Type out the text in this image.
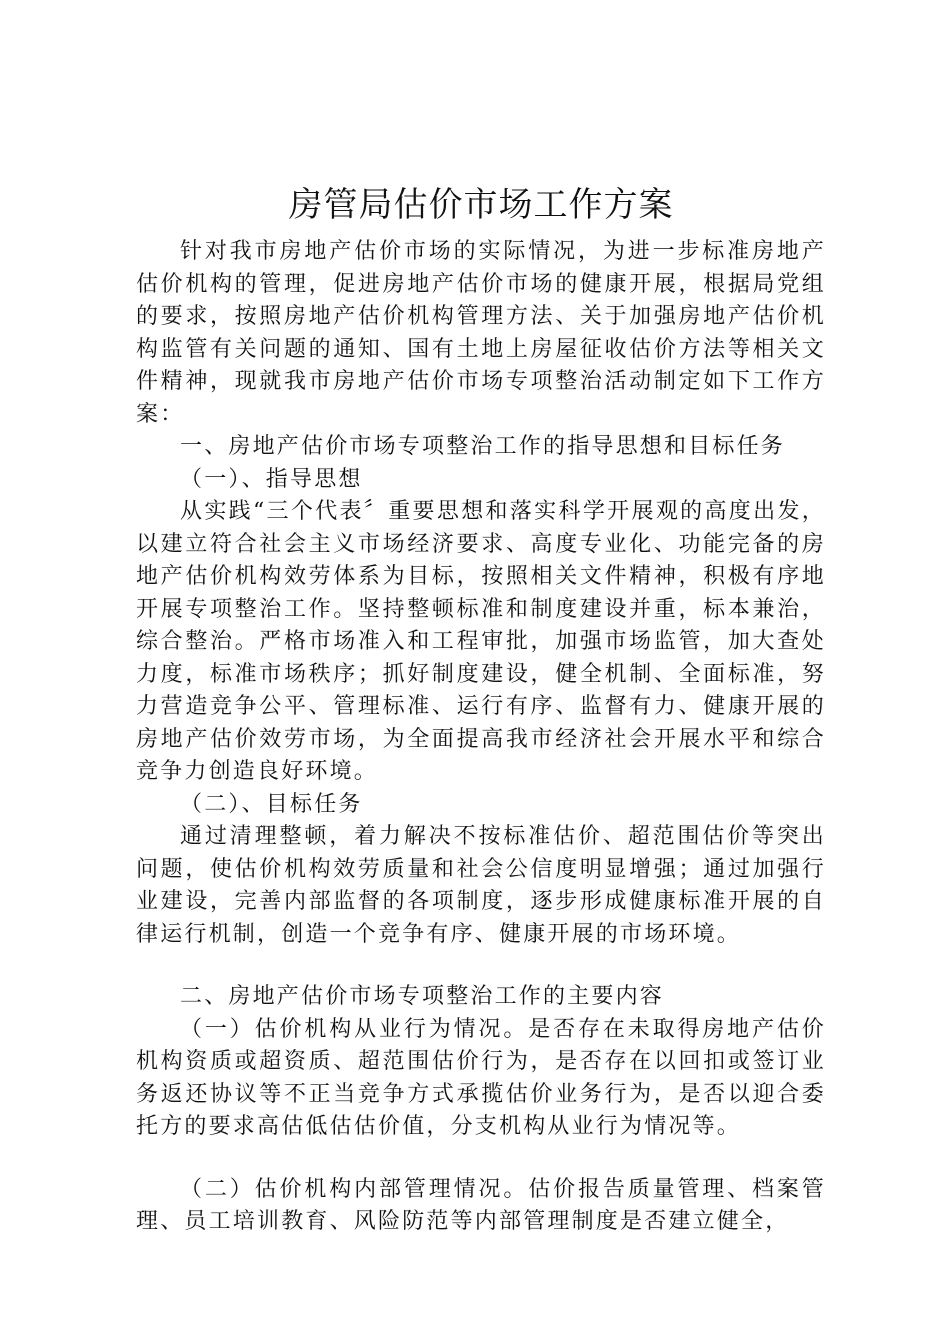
房管局估价市场工作方案

针对我市房地产估价市场的实际情况，为进一步标准房地产估价机构的管理，促进房地产估价市场的健康开展，根据局党组的要求，按照房地产估价机构管理方法、关于加强房地产估价机构监管有关问题的通知、国有土地上房屋征收估价方法等相关文件精神，现就我市房地产估价市场专项整治活动制定如下工作方案：

一、房地产估价市场专项整治工作的指导思想和目标任务

（一）、指导思想

从实践“三个代表〞重要思想和落实科学开展观的高度出发，以建立符合社会主义市场经济要求、高度专业化、功能完备的房地产估价机构效劳体系为目标，按照相关文件精神，积极有序地开展专项整治工作。坚持整顿标准和制度建设并重，标本兼治，综合整治。严格市场准入和工程审批，加强市场监管，加大查处力度，标准市场秩序；抓好制度建设，健全机制、全面标准，努力营造竞争公平、管理标准、运行有序、监督有力、健康开展的房地产估价效劳市场，为全面提高我市经济社会开展水平和综合竞争力创造良好环境。

（二）、目标任务

通过清理整顿，着力解决不按标准估价、超范围估价等突出问题，使估价机构效劳质量和社会公信度明显增强；通过加强行业建设，完善内部监督的各项制度，逐步形成健康标准开展的自律运行机制，创造一个竞争有序、健康开展的市场环境。

二、房地产估价市场专项整治工作的主要内容

（一）估价机构从业行为情况。是否存在未取得房地产估价机构资质或超资质、超范围估价行为，是否存在以回扣或签订业务返还协议等不正当竞争方式承揽估价业务行为，是否以迎合委托方的要求高估低估估价值，分支机构从业行为情况等。

（二）估价机构内部管理情况。估价报告质量管理、档案管理、员工培训教育、风险防范等内部管理制度是否建立健全，
